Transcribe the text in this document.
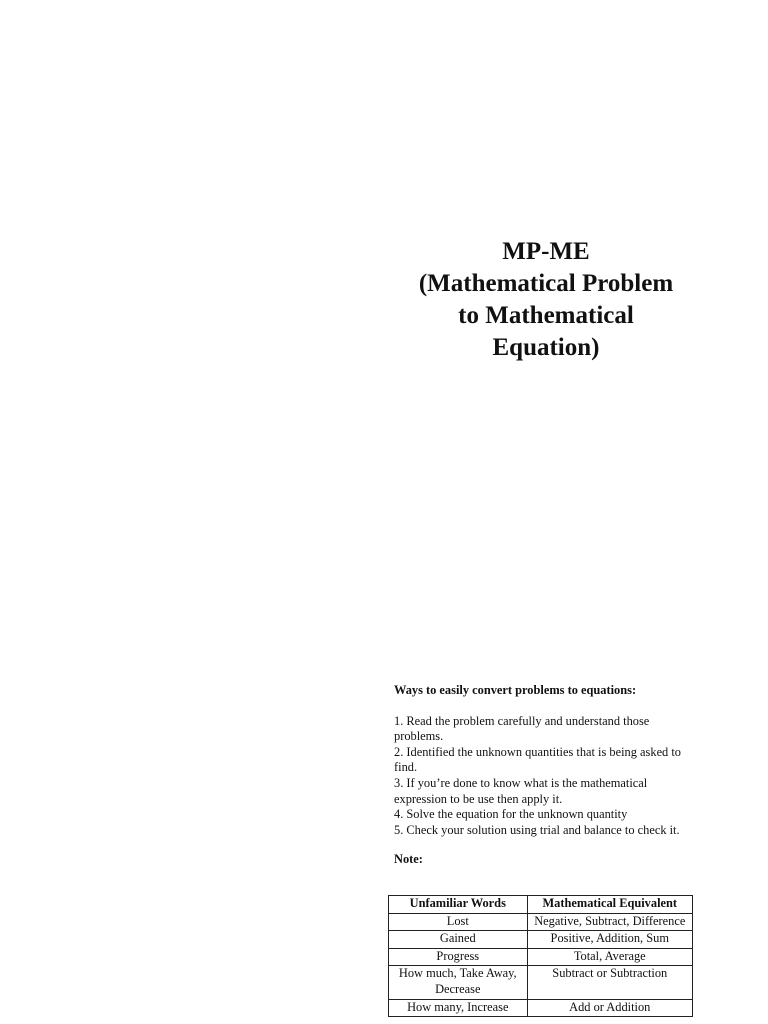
MP-ME
(Mathematical Problem
to Mathematical
Equation)

Ways to easily convert problems to equations:

1. Read the problem carefully and understand those problems.

2. Identified the unknown quantities that is being asked to find.

3. If you’re done to know what is the mathematical expression to be use then apply it.

4. Solve the equation for the unknown quantity

5. Check your solution using trial and balance to check it.

Note:

Unfamiliar Words	Mathematical Equivalent
Lost	Negative, Subtract, Difference
Gained	Positive, Addition, Sum
Progress	Total, Average
How much, Take Away, Decrease	Subtract or Subtraction
How many, Increase	Add or Addition
